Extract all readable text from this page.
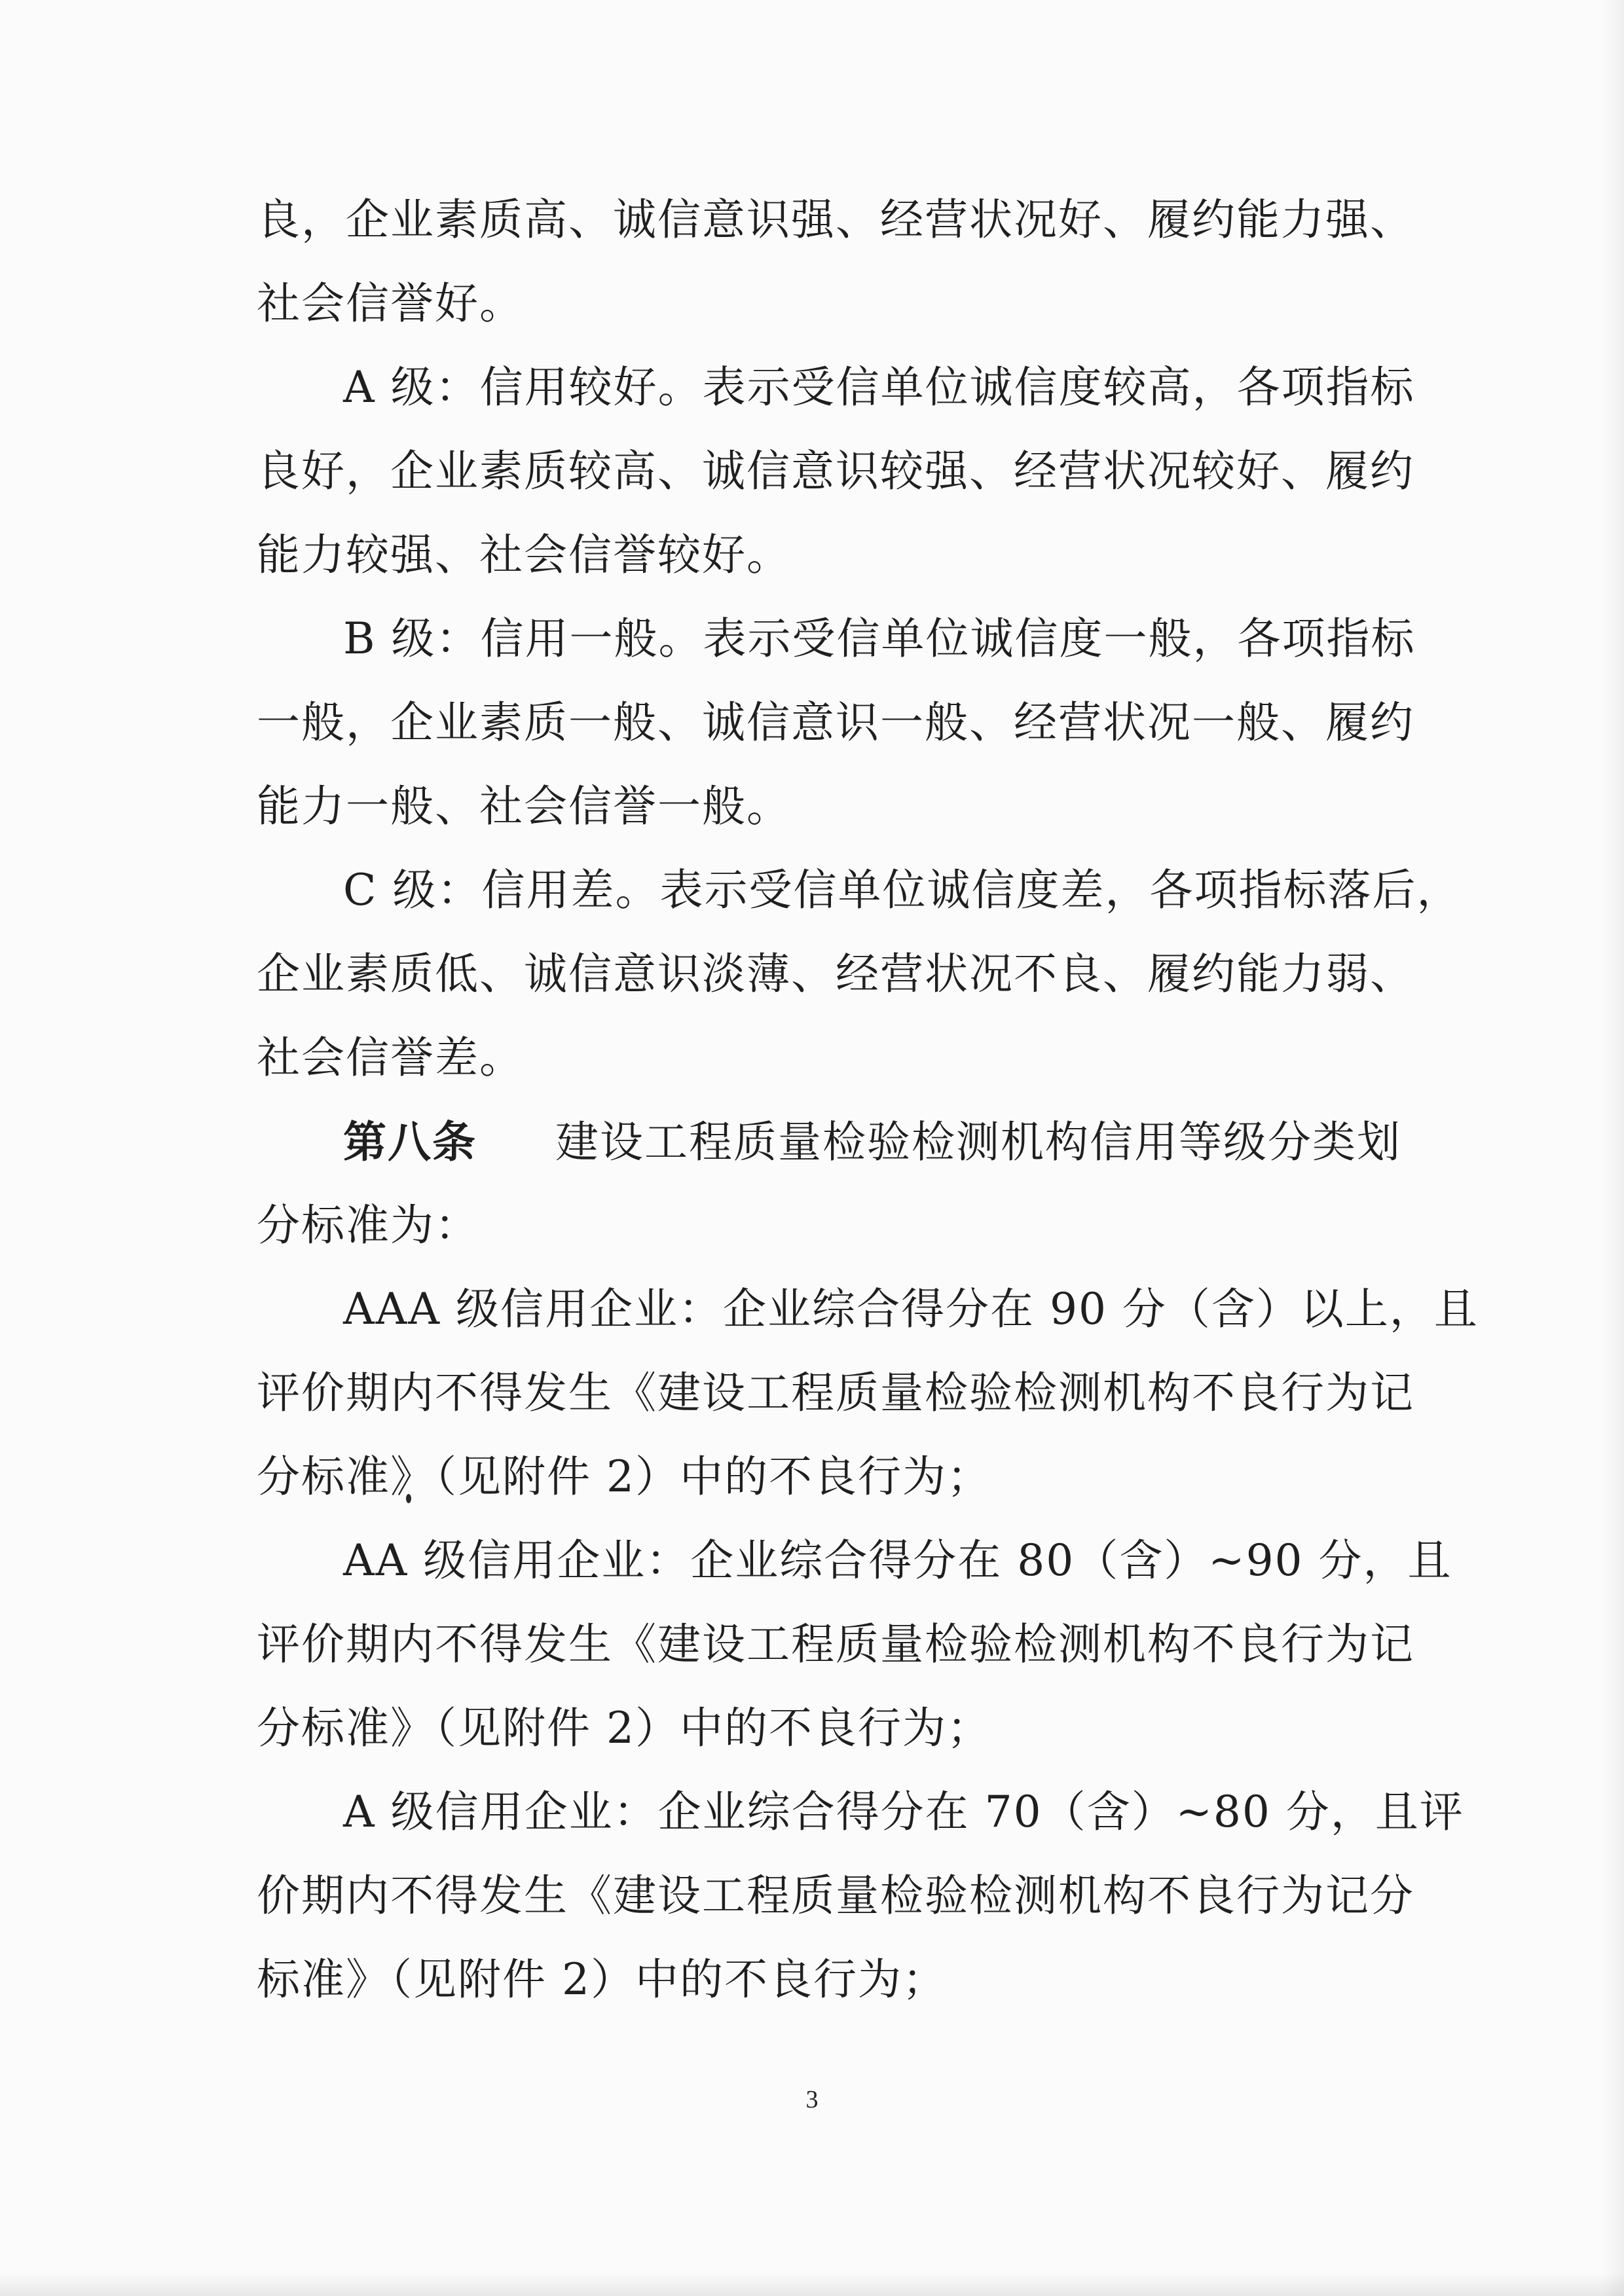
良，企业素质高、诚信意识强、经营状况好、履约能力强、
社会信誉好。
A 级：信用较好。表示受信单位诚信度较高，各项指标
良好，企业素质较高、诚信意识较强、经营状况较好、履约
能力较强、社会信誉较好。
B 级：信用一般。表示受信单位诚信度一般，各项指标
一般，企业素质一般、诚信意识一般、经营状况一般、履约
能力一般、社会信誉一般。
C 级：信用差。表示受信单位诚信度差，各项指标落后，
企业素质低、诚信意识淡薄、经营状况不良、履约能力弱、
社会信誉差。
第八条 建设工程质量检验检测机构信用等级分类划
分标准为：
AAA 级信用企业：企业综合得分在 90 分（含）以上，且
评价期内不得发生《建设工程质量检验检测机构不良行为记
分标准》（见附件 2）中的不良行为；
AA 级信用企业：企业综合得分在 80（含）~90 分，且
评价期内不得发生《建设工程质量检验检测机构不良行为记
分标准》（见附件 2）中的不良行为；
A 级信用企业：企业综合得分在 70（含）~80 分，且评
价期内不得发生《建设工程质量检验检测机构不良行为记分
标准》（见附件 2）中的不良行为；
3
